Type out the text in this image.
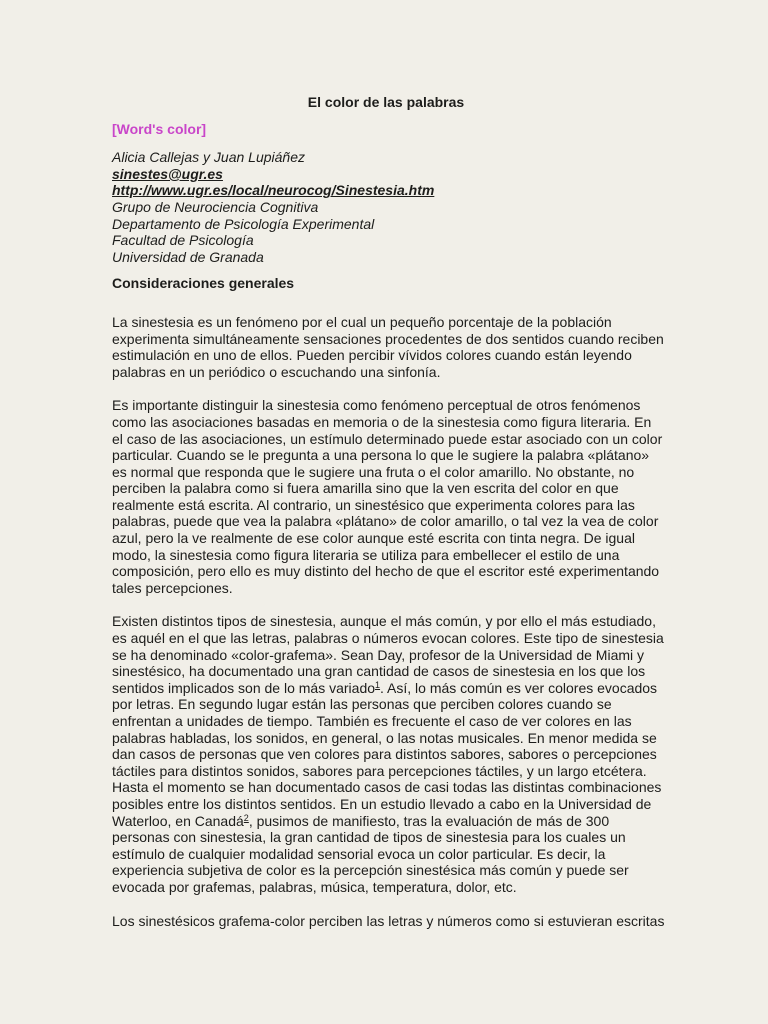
El color de las palabras
[Word's color]
Alicia Callejas y Juan Lupiáñez
sinestes@ugr.es
http://www.ugr.es/local/neurocog/Sinestesia.htm
Grupo de Neurociencia Cognitiva
Departamento de Psicología Experimental
Facultad de Psicología
Universidad de Granada
Consideraciones generales

La sinestesia es un fenómeno por el cual un pequeño porcentaje de la población
experimenta simultáneamente sensaciones procedentes de dos sentidos cuando reciben
estimulación en uno de ellos. Pueden percibir vívidos colores cuando están leyendo
palabras en un periódico o escuchando una sinfonía.

Es importante distinguir la sinestesia como fenómeno perceptual de otros fenómenos
como las asociaciones basadas en memoria o de la sinestesia como figura literaria. En
el caso de las asociaciones, un estímulo determinado puede estar asociado con un color
particular. Cuando se le pregunta a una persona lo que le sugiere la palabra «plátano»
es normal que responda que le sugiere una fruta o el color amarillo. No obstante, no
perciben la palabra como si fuera amarilla sino que la ven escrita del color en que
realmente está escrita. Al contrario, un sinestésico que experimenta colores para las
palabras, puede que vea la palabra «plátano» de color amarillo, o tal vez la vea de color
azul, pero la ve realmente de ese color aunque esté escrita con tinta negra. De igual
modo, la sinestesia como figura literaria se utiliza para embellecer el estilo de una
composición, pero ello es muy distinto del hecho de que el escritor esté experimentando
tales percepciones.

Existen distintos tipos de sinestesia, aunque el más común, y por ello el más estudiado,
es aquél en el que las letras, palabras o números evocan colores. Este tipo de sinestesia
se ha denominado «color-grafema». Sean Day, profesor de la Universidad de Miami y
sinestésico, ha documentado una gran cantidad de casos de sinestesia en los que los
sentidos implicados son de lo más variado$^1$. Así, lo más común es ver colores evocados
por letras. En segundo lugar están las personas que perciben colores cuando se
enfrentan a unidades de tiempo. También es frecuente el caso de ver colores en las
palabras habladas, los sonidos, en general, o las notas musicales. En menor medida se
dan casos de personas que ven colores para distintos sabores, sabores o percepciones
táctiles para distintos sonidos, sabores para percepciones táctiles, y un largo etcétera.
Hasta el momento se han documentado casos de casi todas las distintas combinaciones
posibles entre los distintos sentidos. En un estudio llevado a cabo en la Universidad de
Waterloo, en Canadá$^2$, pusimos de manifiesto, tras la evaluación de más de 300
personas con sinestesia, la gran cantidad de tipos de sinestesia para los cuales un
estímulo de cualquier modalidad sensorial evoca un color particular. Es decir, la
experiencia subjetiva de color es la percepción sinestésica más común y puede ser
evocada por grafemas, palabras, música, temperatura, dolor, etc.

Los sinestésicos grafema-color perciben las letras y números como si estuvieran escritas
